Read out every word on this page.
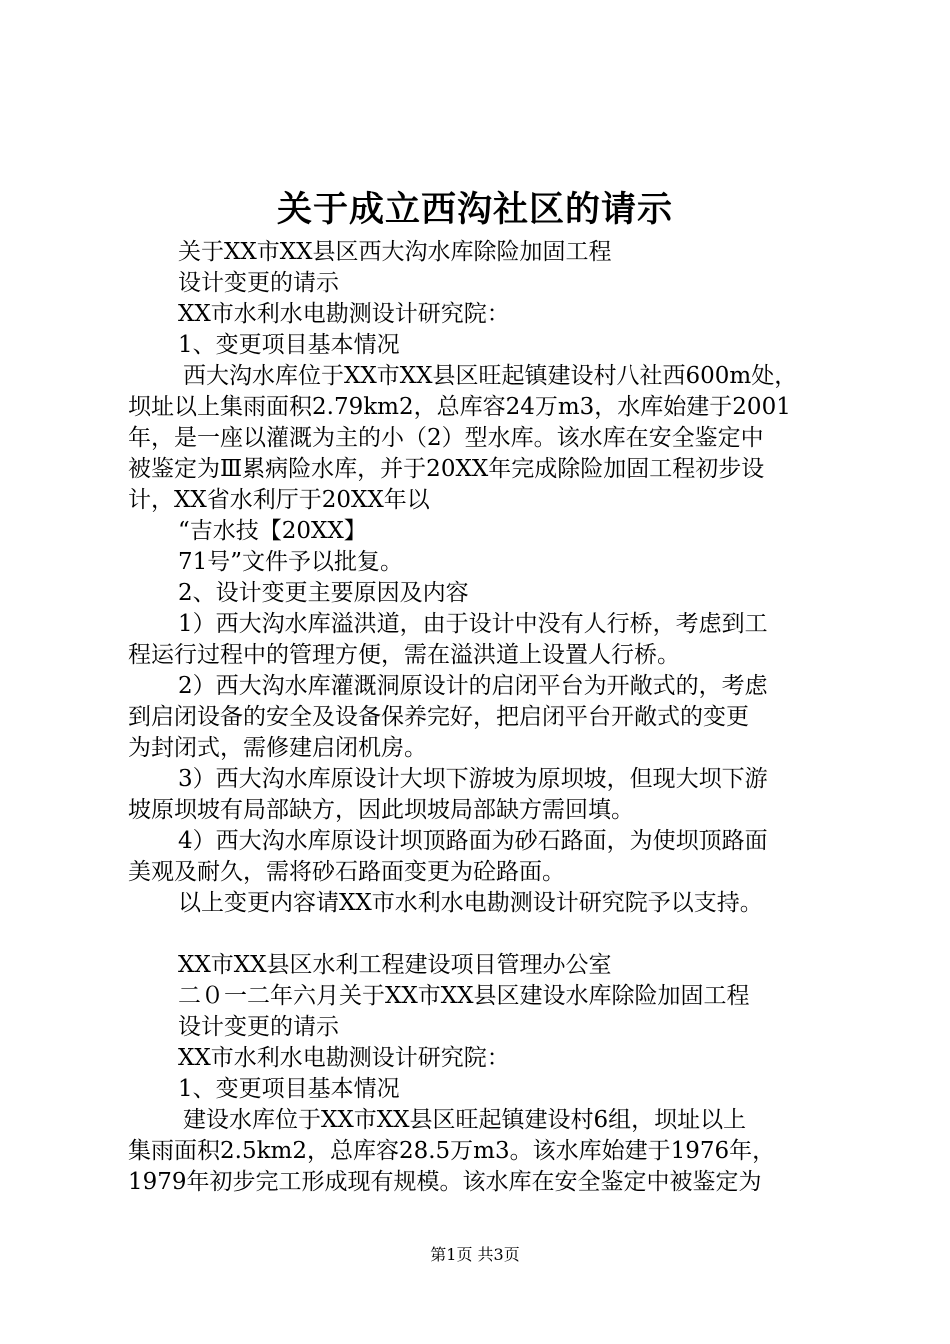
关于成立西沟社区的请示
关于XX市XX县区西大沟水库除险加固工程
设计变更的请示
XX市水利水电勘测设计研究院：
1、变更项目基本情况
西大沟水库位于XX市XX县区旺起镇建设村八社西600m处，
坝址以上集雨面积2.79km2，总库容24万m3，水库始建于2001
年，是一座以灌溉为主的小（2）型水库。该水库在安全鉴定中
被鉴定为Ⅲ累病险水库，并于20XX年完成除险加固工程初步设
计，XX省水利厅于20XX年以
“吉水技【20XX】
71号”文件予以批复。
2、设计变更主要原因及内容
1）西大沟水库溢洪道，由于设计中没有人行桥，考虑到工
程运行过程中的管理方便，需在溢洪道上设置人行桥。
2）西大沟水库灌溉洞原设计的启闭平台为开敞式的，考虑
到启闭设备的安全及设备保养完好，把启闭平台开敞式的变更
为封闭式，需修建启闭机房。
3）西大沟水库原设计大坝下游坡为原坝坡，但现大坝下游
坡原坝坡有局部缺方，因此坝坡局部缺方需回填。
4）西大沟水库原设计坝顶路面为砂石路面，为使坝顶路面
美观及耐久，需将砂石路面变更为砼路面。
以上变更内容请XX市水利水电勘测设计研究院予以支持。
XX市XX县区水利工程建设项目管理办公室
二０一二年六月关于XX市XX县区建设水库除险加固工程
设计变更的请示
XX市水利水电勘测设计研究院：
1、变更项目基本情况
建设水库位于XX市XX县区旺起镇建设村6组，坝址以上
集雨面积2.5km2，总库容28.5万m3。该水库始建于1976年，
1979年初步完工形成现有规模。该水库在安全鉴定中被鉴定为
第1页 共3页
